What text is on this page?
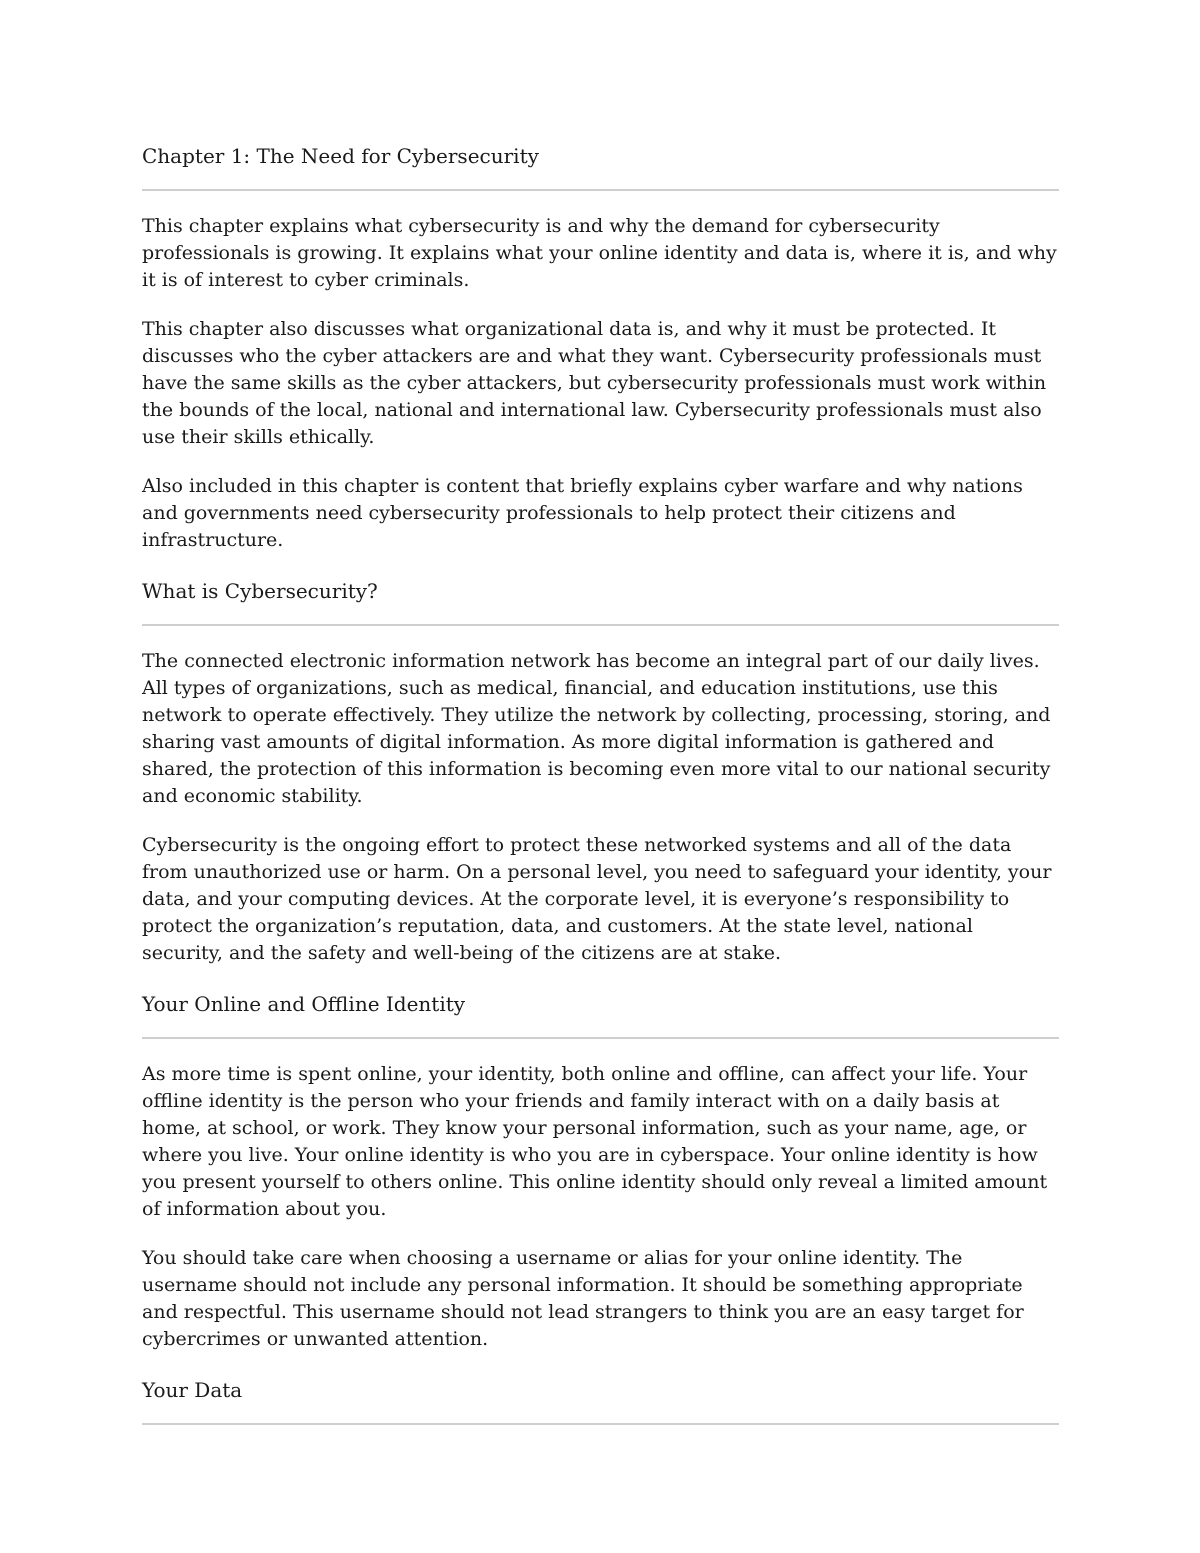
Chapter 1: The Need for Cybersecurity

This chapter explains what cybersecurity is and why the demand for cybersecurity professionals is growing. It explains what your online identity and data is, where it is, and why it is of interest to cyber criminals.

This chapter also discusses what organizational data is, and why it must be protected. It discusses who the cyber attackers are and what they want. Cybersecurity professionals must have the same skills as the cyber attackers, but cybersecurity professionals must work within the bounds of the local, national and international law. Cybersecurity professionals must also use their skills ethically.

Also included in this chapter is content that briefly explains cyber warfare and why nations and governments need cybersecurity professionals to help protect their citizens and infrastructure.

What is Cybersecurity?

The connected electronic information network has become an integral part of our daily lives. All types of organizations, such as medical, financial, and education institutions, use this network to operate effectively. They utilize the network by collecting, processing, storing, and sharing vast amounts of digital information. As more digital information is gathered and shared, the protection of this information is becoming even more vital to our national security and economic stability.

Cybersecurity is the ongoing effort to protect these networked systems and all of the data from unauthorized use or harm. On a personal level, you need to safeguard your identity, your data, and your computing devices. At the corporate level, it is everyone’s responsibility to protect the organization’s reputation, data, and customers. At the state level, national security, and the safety and well-being of the citizens are at stake.

Your Online and Offline Identity

As more time is spent online, your identity, both online and offline, can affect your life. Your offline identity is the person who your friends and family interact with on a daily basis at home, at school, or work. They know your personal information, such as your name, age, or where you live. Your online identity is who you are in cyberspace. Your online identity is how you present yourself to others online. This online identity should only reveal a limited amount of information about you.

You should take care when choosing a username or alias for your online identity. The username should not include any personal information. It should be something appropriate and respectful. This username should not lead strangers to think you are an easy target for cybercrimes or unwanted attention.

Your Data
